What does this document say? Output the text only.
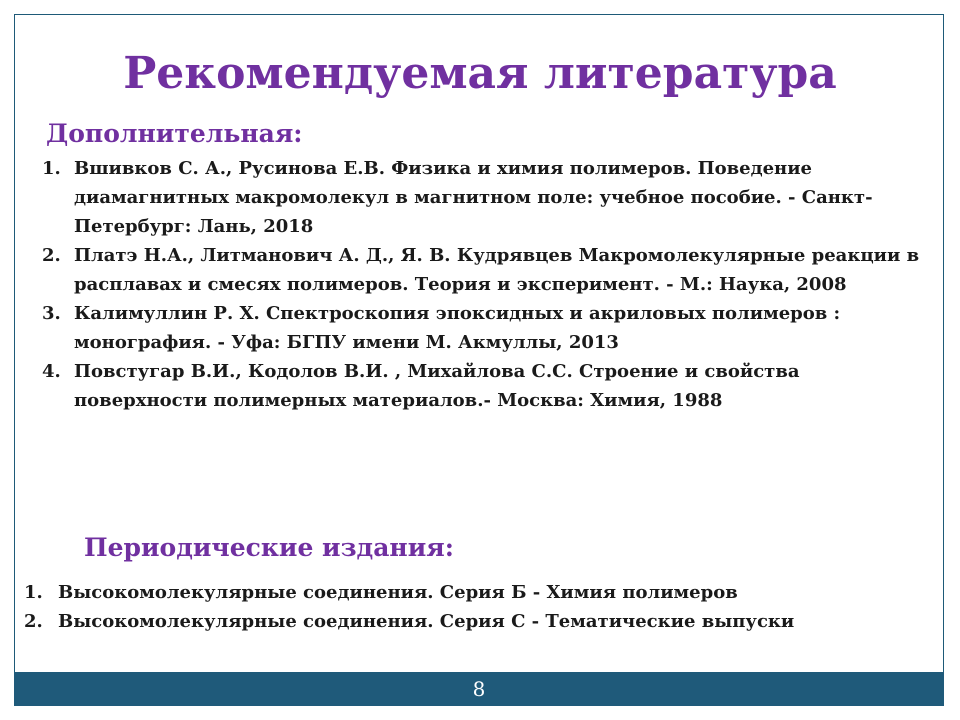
Рекомендуемая литература
Дополнительная:
1. Вшивков С. А., Русинова Е.В. Физика и химия полимеров. Поведение диамагнитных макромолекул в магнитном поле: учебное пособие. - Санкт-Петербург: Лань, 2018
2. Платэ Н.А., Литманович А. Д., Я. В. Кудрявцев Макромолекулярные реакции в расплавах и смесях полимеров. Теория и эксперимент. - М.: Наука, 2008
3. Калимуллин Р. Х. Спектроскопия эпоксидных и акриловых полимеров : монография. - Уфа: БГПУ имени М. Акмуллы, 2013
4. Повстугар В.И., Кодолов В.И. , Михайлова С.С. Строение и свойства поверхности полимерных материалов.- Москва: Химия, 1988
Периодические издания:
1. Высокомолекулярные соединения. Серия Б - Химия полимеров
2. Высокомолекулярные соединения. Серия С - Тематические выпуски
8
